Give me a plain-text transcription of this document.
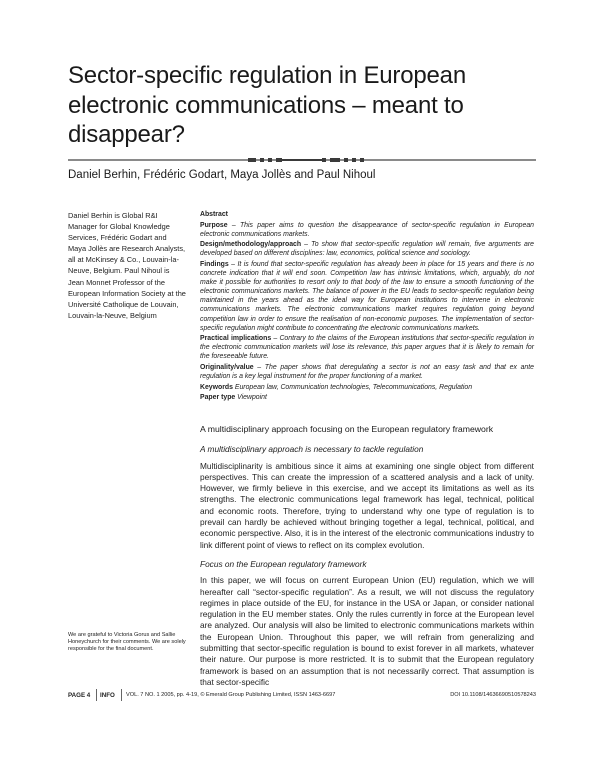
Sector-specific regulation in European electronic communications – meant to disappear?
Daniel Berhin, Frédéric Godart, Maya Jollès and Paul Nihoul
Daniel Berhin is Global R&I Manager for Global Knowledge Services, Frédéric Godart and Maya Jollès are Research Analysts, all at McKinsey & Co., Louvain-la-Neuve, Belgium. Paul Nihoul is Jean Monnet Professor of the European Information Society at the Université Catholique de Louvain, Louvain-la-Neuve, Belgium
We are grateful to Victoria Gorus and Sallie Honeychurch for their comments. We are solely responsible for the final document.

Abstract

Purpose – This paper aims to question the disappearance of sector-specific regulation in European electronic communications markets.

Design/methodology/approach – To show that sector-specific regulation will remain, five arguments are developed based on different disciplines: law, economics, political science and sociology.

Findings – It is found that sector-specific regulation has already been in place for 15 years and there is no concrete indication that it will end soon. Competition law has intrinsic limitations, which, arguably, do not make it possible for authorities to resort only to that body of the law to ensure a smooth functioning of the electronic communications markets. The balance of power in the EU leads to sector-specific regulation being maintained in the years ahead as the ideal way for European institutions to intervene in electronic communications markets. The electronic communications market requires regulation going beyond competition law in order to ensure the realisation of non-economic purposes. The implementation of sector-specific regulation might contribute to concentrating the electronic communications markets.

Practical implications – Contrary to the claims of the European institutions that sector-specific regulation in the electronic communication markets will lose its relevance, this paper argues that it is likely to remain for the foreseeable future.

Originality/value – The paper shows that deregulating a sector is not an easy task and that ex ante regulation is a key legal instrument for the proper functioning of a market.

Keywords European law, Communication technologies, Telecommunications, Regulation

Paper type Viewpoint

A multidisciplinary approach focusing on the European regulatory framework
A multidisciplinary approach is necessary to tackle regulation

Multidisciplinarity is ambitious since it aims at examining one single object from different perspectives. This can create the impression of a scattered analysis and a lack of unity. However, we firmly believe in this exercise, and we accept its limitations as well as its strengths. The electronic communications legal framework has legal, technical, political and economic roots. Therefore, trying to understand why one type of regulation is to prevail can hardly be achieved without bringing together a legal, technical, political, and economic perspective. Also, it is in the interest of the electronic communications industry to link different point of views to reflect on its complex evolution.

Focus on the European regulatory framework

In this paper, we will focus on current European Union (EU) regulation, which we will hereafter call “sector-specific regulation”. As a result, we will not discuss the regulatory regimes in place outside of the EU, for instance in the USA or Japan, or consider national regulation in the EU member states. Only the rules currently in force at the European level are analyzed. Our analysis will also be limited to electronic communications markets within the European Union. Throughout this paper, we will refrain from generalizing and submitting that sector-specific regulation is bound to exist forever in all markets, whatever their nature. Our purpose is more restricted. It is to submit that the European regulatory framework is based on an assumption that is not necessarily correct. That assumption is that sector-specific

PAGE 4 INFO VOL. 7 NO. 1 2005, pp. 4-19, © Emerald Group Publishing Limited, ISSN 1463-6697	DOI 10.1108/14636690510578243
